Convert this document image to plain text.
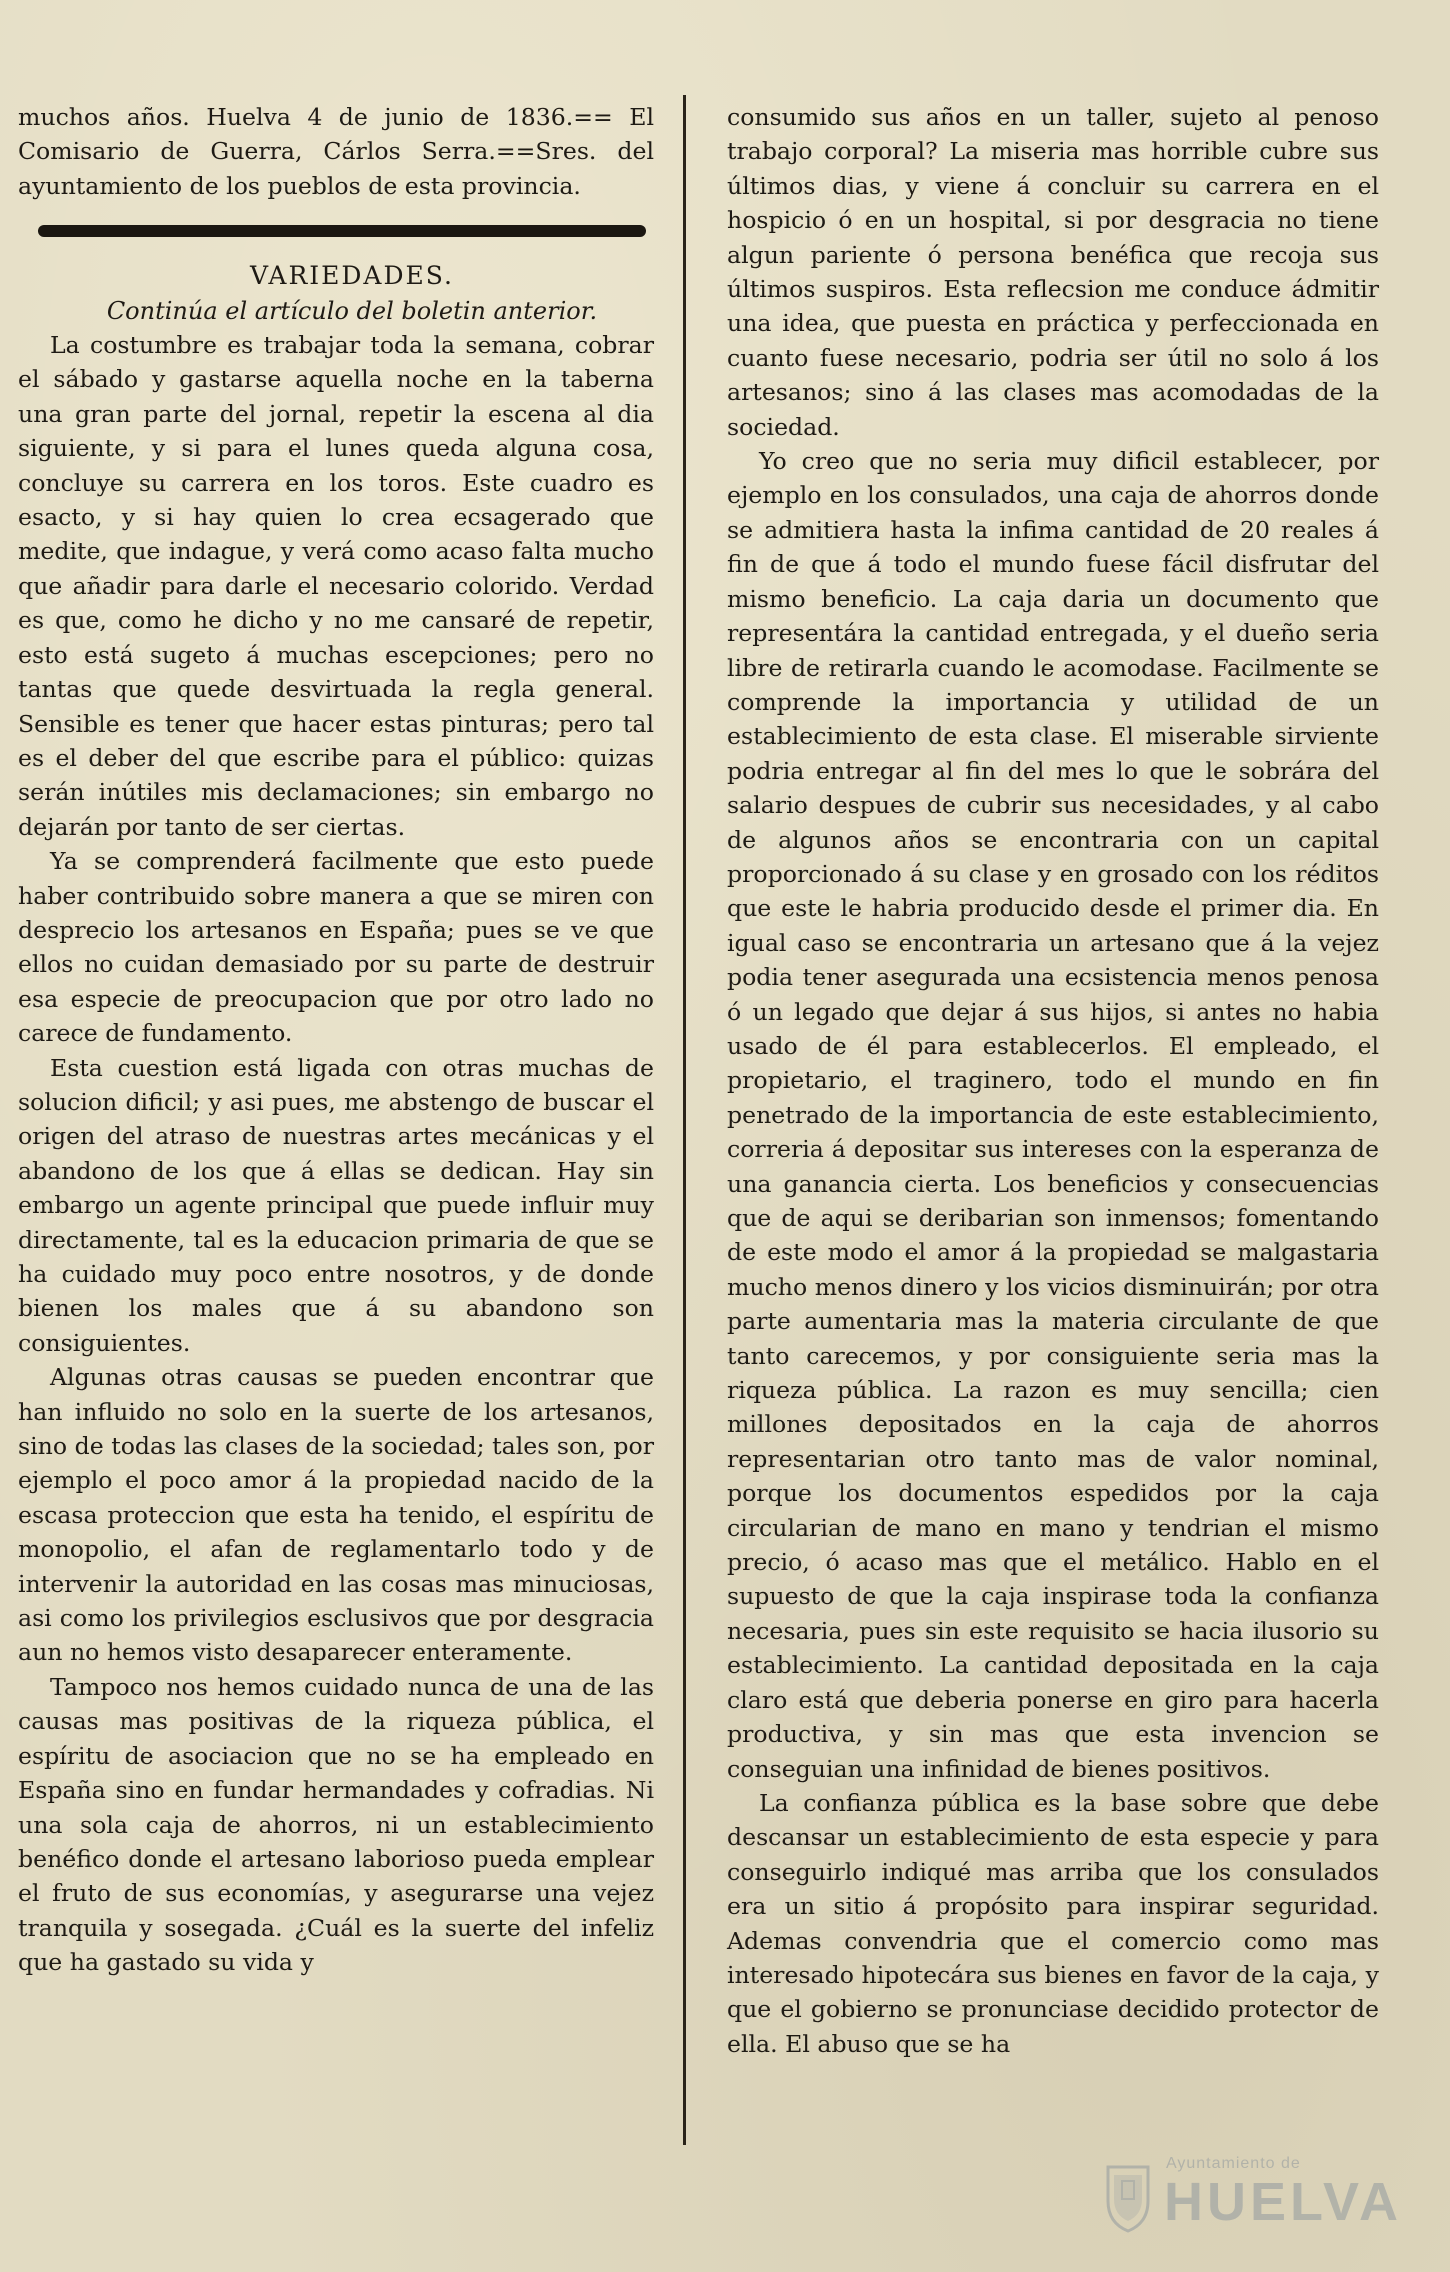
muchos años. Huelva 4 de junio de 1836.== El Comisario de Guerra, Cárlos Serra.==Sres. del ayuntamiento de los pueblos de esta provincia.

VARIEDADES.

Continúa el artículo del boletin anterior.

La costumbre es trabajar toda la semana, cobrar el sábado y gastarse aquella noche en la taberna una gran parte del jornal, repetir la escena al dia siguiente, y si para el lunes queda alguna cosa, concluye su carrera en los toros. Este cuadro es esacto, y si hay quien lo crea ecsagerado que medite, que indague, y verá como acaso falta mucho que añadir para darle el necesario colorido. Verdad es que, como he dicho y no me cansaré de repetir, esto está sugeto á muchas escepciones; pero no tantas que quede desvirtuada la regla general. Sensible es tener que hacer estas pinturas; pero tal es el deber del que escribe para el público: quizas serán inútiles mis declamaciones; sin embargo no dejarán por tanto de ser ciertas.

Ya se comprenderá facilmente que esto puede haber contribuido sobre manera a que se miren con desprecio los artesanos en España; pues se ve que ellos no cuidan demasiado por su parte de destruir esa especie de preocupacion que por otro lado no carece de fundamento.

Esta cuestion está ligada con otras muchas de solucion dificil; y asi pues, me abstengo de buscar el origen del atraso de nuestras artes mecánicas y el abandono de los que á ellas se dedican. Hay sin embargo un agente principal que puede influir muy directamente, tal es la educacion primaria de que se ha cuidado muy poco entre nosotros, y de donde bienen los males que á su abandono son consiguientes.

Algunas otras causas se pueden encontrar que han influido no solo en la suerte de los artesanos, sino de todas las clases de la sociedad; tales son, por ejemplo el poco amor á la propiedad nacido de la escasa proteccion que esta ha tenido, el espíritu de monopolio, el afan de reglamentarlo todo y de intervenir la autoridad en las cosas mas minuciosas, asi como los privilegios esclusivos que por desgracia aun no hemos visto desaparecer enteramente.

Tampoco nos hemos cuidado nunca de una de las causas mas positivas de la riqueza pública, el espíritu de asociacion que no se ha empleado en España sino en fundar hermandades y cofradias. Ni una sola caja de ahorros, ni un establecimiento benéfico donde el artesano laborioso pueda emplear el fruto de sus economías, y asegurarse una vejez tranquila y sosegada. ¿Cuál es la suerte del infeliz que ha gastado su vida y

consumido sus años en un taller, sujeto al penoso trabajo corporal? La miseria mas horrible cubre sus últimos dias, y viene á concluir su carrera en el hospicio ó en un hospital, si por desgracia no tiene algun pariente ó persona benéfica que recoja sus últimos suspiros. Esta reflecsion me conduce ádmitir una idea, que puesta en práctica y perfeccionada en cuanto fuese necesario, podria ser útil no solo á los artesanos; sino á las clases mas acomodadas de la sociedad.

Yo creo que no seria muy dificil establecer, por ejemplo en los consulados, una caja de ahorros donde se admitiera hasta la infima cantidad de 20 reales á fin de que á todo el mundo fuese fácil disfrutar del mismo beneficio. La caja daria un documento que representára la cantidad entregada, y el dueño seria libre de retirarla cuando le acomodase. Facilmente se comprende la importancia y utilidad de un establecimiento de esta clase. El miserable sirviente podria entregar al fin del mes lo que le sobrára del salario despues de cubrir sus necesidades, y al cabo de algunos años se encontraria con un capital proporcionado á su clase y en grosado con los réditos que este le habria producido desde el primer dia. En igual caso se encontraria un artesano que á la vejez podia tener asegurada una ecsistencia menos penosa ó un legado que dejar á sus hijos, si antes no habia usado de él para establecerlos. El empleado, el propietario, el traginero, todo el mundo en fin penetrado de la importancia de este establecimiento, correria á depositar sus intereses con la esperanza de una ganancia cierta. Los beneficios y consecuencias que de aqui se deribarian son inmensos; fomentando de este modo el amor á la propiedad se malgastaria mucho menos dinero y los vicios disminuirán; por otra parte aumentaria mas la materia circulante de que tanto carecemos, y por consiguiente seria mas la riqueza pública. La razon es muy sencilla; cien millones depositados en la caja de ahorros representarian otro tanto mas de valor nominal, porque los documentos espedidos por la caja circularian de mano en mano y tendrian el mismo precio, ó acaso mas que el metálico. Hablo en el supuesto de que la caja inspirase toda la confianza necesaria, pues sin este requisito se hacia ilusorio su establecimiento. La cantidad depositada en la caja claro está que deberia ponerse en giro para hacerla productiva, y sin mas que esta invencion se conseguian una infinidad de bienes positivos.

La confianza pública es la base sobre que debe descansar un establecimiento de esta especie y para conseguirlo indiqué mas arriba que los consulados era un sitio á propósito para inspirar seguridad. Ademas convendria que el comercio como mas interesado hipotecára sus bienes en favor de la caja, y que el gobierno se pronunciase decidido protector de ella. El abuso que se ha

Ayuntamiento de
HUELVA
